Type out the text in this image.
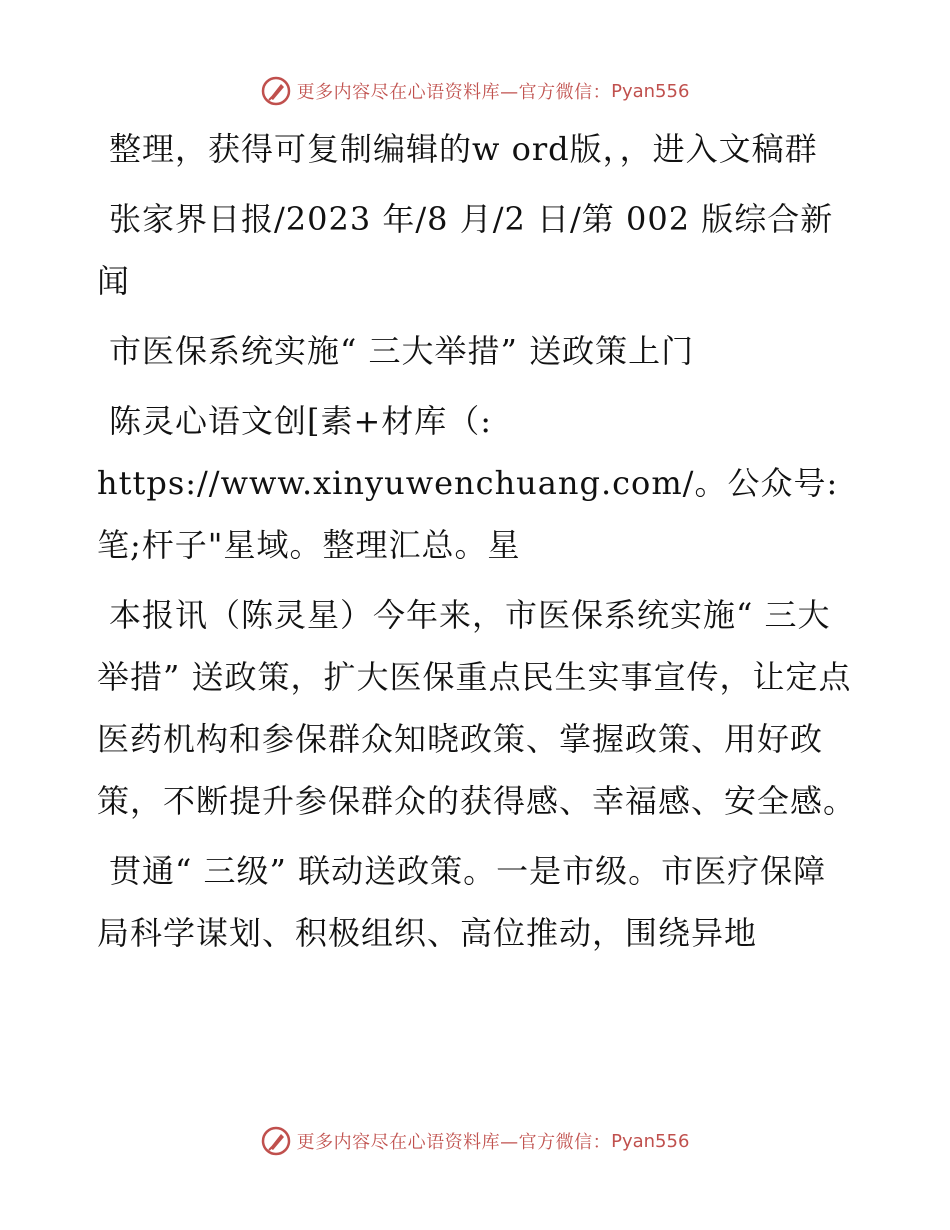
更多内容尽在心语资料库—官方微信： Pyan556

整理，获得可复制编辑的w ord版，，进入文稿群

张家界日报/2023 年/8 月/2 日/第 002 版综合新闻

市医保系统实施“ 三大举措” 送政策上门

陈灵心语文创[素+材库（: https://www.xinyuwenchuang.com/。公众号: 笔;杆子"星域。整理汇总。星

本报讯（陈灵星）今年来，市医保系统实施“ 三大举措” 送政策，扩大医保重点民生实事宣传，让定点医药机构和参保群众知晓政策、掌握政策、用好政策，不断提升参保群众的获得感、幸福感、安全感。

贯通“ 三级” 联动送政策。一是市级。市医疗保障局科学谋划、积极组织、高位推动，围绕异地

更多内容尽在心语资料库—官方微信： Pyan556
